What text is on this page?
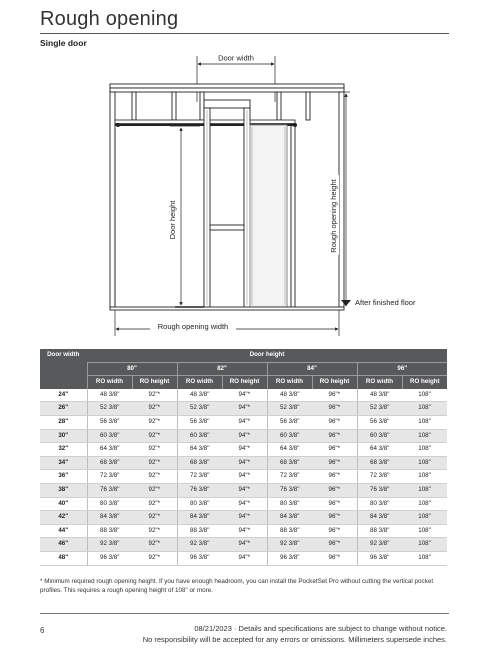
Rough opening
Single door
Door width
Door height	Rough opening height
After finished floor
Rough opening width
Door width	Door height							
	80"		82"		84"		96"	
	RO width	RO height	RO width	RO height	RO width	RO height	RO width	RO height
24"	48 3/8"	92"*	48 3/8"	94"*	48 3/8"	96"*	48 3/8"	108"
26"	52 3/8"	92"*	52 3/8"	94"*	52 3/8"	96"*	52 3/8"	108"
28"	56 3/8"	92"*	56 3/8"	94"*	56 3/8"	96"*	56 3/8"	108"
30"	60 3/8"	92"*	60 3/8"	94"*	60 3/8"	96"*	60 3/8"	108"
32"	64 3/8"	92"*	64 3/8"	94"*	64 3/8"	96"*	64 3/8"	108"
34"	68 3/8"	92"*	68 3/8"	94"*	68 3/8"	96"*	68 3/8"	108"
36"	72 3/8"	92"*	72 3/8"	94"*	72 3/8"	96"*	72 3/8"	108"
38"	76 3/8"	92"*	76 3/8"	94"*	76 3/8"	96"*	76 3/8"	108"
40"	80 3/8"	92"*	80 3/8"	94"*	80 3/8"	96"*	80 3/8"	108"
42"	84 3/8"	92"*	84 3/8"	94"*	84 3/8"	96"*	84 3/8"	108"
44"	88 3/8"	92"*	88 3/8"	94"*	88 3/8"	96"*	88 3/8"	108"
46"	92 3/8"	92"*	92 3/8"	94"*	92 3/8"	96"*	92 3/8"	108"
48"	96 3/8"	92"*	96 3/8"	94"*	96 3/8"	96"*	96 3/8"	108"
* Minimum required rough opening height. If you have enough headroom, you can install the PocketSet Pro without cutting the vertical pocket profiles. This requires a rough opening height of 108" or more.
6	08/21/2023 · Details and specifications are subject to change without notice.
No responsibility will be accepted for any errors or omissions. Millimeters supersede inches.
